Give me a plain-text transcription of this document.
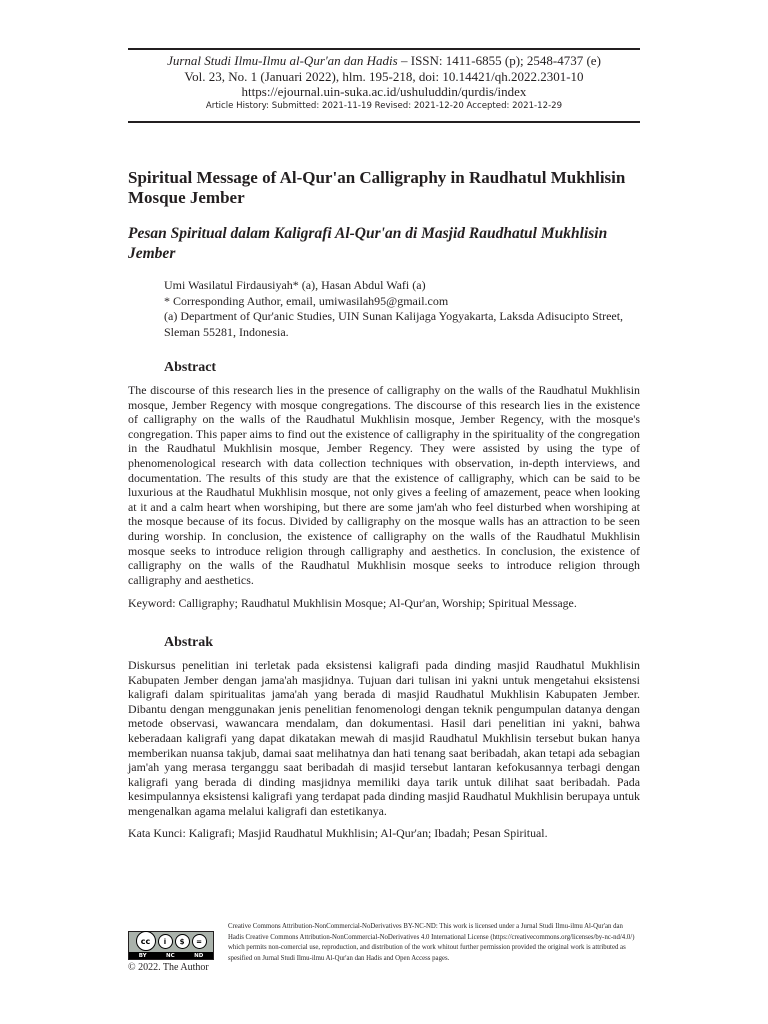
Jurnal Studi Ilmu-Ilmu al-Qur'an dan Hadis – ISSN: 1411-6855 (p); 2548-4737 (e)
Vol. 23, No. 1 (Januari 2022), hlm. 195-218, doi: 10.14421/qh.2022.2301-10
https://ejournal.uin-suka.ac.id/ushuluddin/qurdis/index
Article History: Submitted: 2021-11-19 Revised: 2021-12-20 Accepted: 2021-12-29
Spiritual Message of Al-Qur'an Calligraphy in Raudhatul Mukhlisin Mosque Jember
Pesan Spiritual dalam Kaligrafi Al-Qur'an di Masjid Raudhatul Mukhlisin Jember
Umi Wasilatul Firdausiyah* (a), Hasan Abdul Wafi (a)
* Corresponding Author, email, umiwasilah95@gmail.com
(a) Department of Qur'anic Studies, UIN Sunan Kalijaga Yogyakarta, Laksda Adisucipto Street, Sleman 55281, Indonesia.
Abstract

The discourse of this research lies in the presence of calligraphy on the walls of the Raudhatul Mukhlisin mosque, Jember Regency with mosque congregations. The discourse of this research lies in the existence of calligraphy on the walls of the Raudhatul Mukhlisin mosque, Jember Regency, with the mosque's congregation. This paper aims to find out the existence of calligraphy in the spirituality of the congregation in the Raudhatul Mukhlisin mosque, Jember Regency. They were assisted by using the type of phenomenological research with data collection techniques with observation, in-depth interviews, and documentation. The results of this study are that the existence of calligraphy, which can be said to be luxurious at the Raudhatul Mukhlisin mosque, not only gives a feeling of amazement, peace when looking at it and a calm heart when worshiping, but there are some jam'ah who feel disturbed when worshiping at the mosque because of its focus. Divided by calligraphy on the mosque walls has an attraction to be seen during worship. In conclusion, the existence of calligraphy on the walls of the Raudhatul Mukhlisin mosque seeks to introduce religion through calligraphy and aesthetics. In conclusion, the existence of calligraphy on the walls of the Raudhatul Mukhlisin mosque seeks to introduce religion through calligraphy and aesthetics.

Keyword: Calligraphy; Raudhatul Mukhlisin Mosque; Al-Qur'an, Worship; Spiritual Message.

Abstrak

Diskursus penelitian ini terletak pada eksistensi kaligrafi pada dinding masjid Raudhatul Mukhlisin Kabupaten Jember dengan jama'ah masjidnya. Tujuan dari tulisan ini yakni untuk mengetahui eksistensi kaligrafi dalam spiritualitas jama'ah yang berada di masjid Raudhatul Mukhlisin Kabupaten Jember. Dibantu dengan menggunakan jenis penelitian fenomenologi dengan teknik pengumpulan datanya dengan metode observasi, wawancara mendalam, dan dokumentasi. Hasil dari penelitian ini yakni, bahwa keberadaan kaligrafi yang dapat dikatakan mewah di masjid Raudhatul Mukhlisin tersebut bukan hanya memberikan nuansa takjub, damai saat melihatnya dan hati tenang saat beribadah, akan tetapi ada sebagian jam'ah yang merasa terganggu saat beribadah di masjid tersebut lantaran kefokusannya terbagi dengan kaligrafi yang berada di dinding masjidnya memiliki daya tarik untuk dilihat saat beribadah. Pada kesimpulannya eksistensi kaligrafi yang terdapat pada dinding masjid Raudhatul Mukhlisin berupaya untuk mengenalkan agama melalui kaligrafi dan estetikanya.

Kata Kunci: Kaligrafi; Masjid Raudhatul Mukhlisin; Al-Qur'an; Ibadah; Pesan Spiritual.

cc	i	$	=
BY	NC	ND
© 2022. The Author

Creative Commons Attribution-NonCommercial-NoDerivatives BY-NC-ND: This work is licensed under a Jurnal Studi Ilmu-ilmu Al-Qur'an dan Hadis Creative Commons Attribution-NonCommercial-NoDerivatives 4.0 International License (https://creativecommons.org/licenses/by-nc-nd/4.0/) which permits non-comercial use, reproduction, and distribution of the work whitout further permission provided the original work is attributed as spesified on Jurnal Studi Ilmu-ilmu Al-Qur'an dan Hadis and Open Access pages.
